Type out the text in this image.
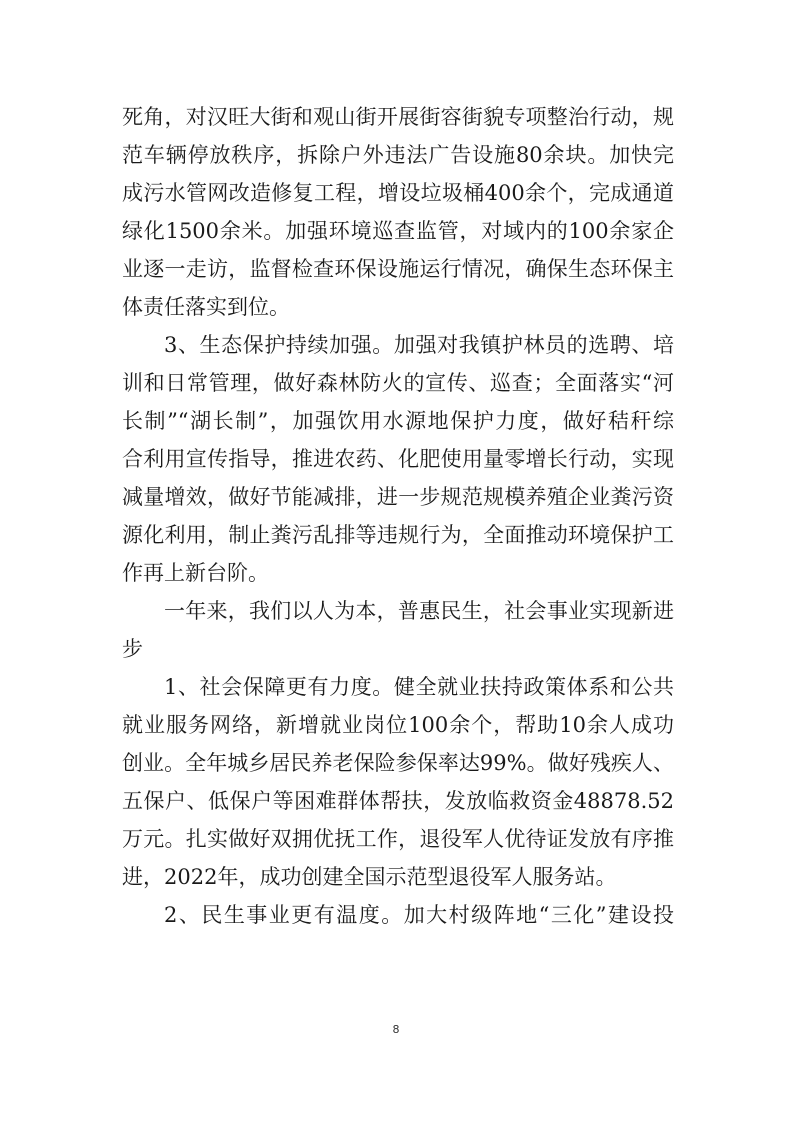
死角，对汉旺大街和观山街开展街容街貌专项整治行动，规
范车辆停放秩序，拆除户外违法广告设施80余块。加快完
成污水管网改造修复工程，增设垃圾桶400余个，完成通道
绿化1500余米。加强环境巡查监管，对域内的100余家企
业逐一走访，监督检查环保设施运行情况，确保生态环保主
体责任落实到位。
3、生态保护持续加强。加强对我镇护林员的选聘、培
训和日常管理，做好森林防火的宣传、巡查；全面落实“河
长制”“湖长制”，加强饮用水源地保护力度，做好秸秆综
合利用宣传指导，推进农药、化肥使用量零增长行动，实现
减量增效，做好节能减排，进一步规范规模养殖企业粪污资
源化利用，制止粪污乱排等违规行为，全面推动环境保护工
作再上新台阶。
一年来，我们以人为本，普惠民生，社会事业实现新进
步
1、社会保障更有力度。健全就业扶持政策体系和公共
就业服务网络，新增就业岗位100余个，帮助10余人成功
创业。全年城乡居民养老保险参保率达99%。做好残疾人、
五保户、低保户等困难群体帮扶，发放临救资金48878.52
万元。扎实做好双拥优抚工作，退役军人优待证发放有序推
进，2022年，成功创建全国示范型退役军人服务站。
2、民生事业更有温度。加大村级阵地“三化”建设投
8
